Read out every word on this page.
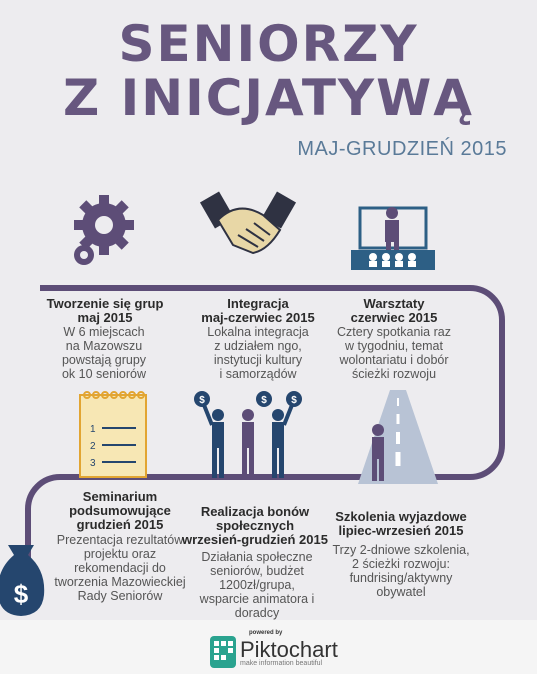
SENIORZY
Z INICJATYWĄ
MAJ-GRUDZIEŃ 2015
$
1
2
3
$	$ $
Tworzenie się grup
maj 2015
W 6 miejscach
na Mazowszu
powstają grupy
ok 10 seniorów
Integracja
maj-czerwiec 2015
Lokalna integracja
z udziałem ngo,
instytucji kultury
i samorządów
Warsztaty
czerwiec 2015
Cztery spotkania raz
w tygodniu, temat
wolontariatu i dobór
ścieżki rozwoju
Seminarium
podsumowujące
grudzień 2015
Prezentacja rezultatów
projektu oraz
rekomendacji do
tworzenia Mazowieckiej
Rady Seniorów
Realizacja bonów
społecznych
wrzesień-grudzień 2015
Działania społeczne
seniorów, budżet
1200zł/grupa,
wsparcie animatora i
doradcy
Szkolenia wyjazdowe
lipiec-wrzesień 2015
Trzy 2-dniowe szkolenia,
2 ścieżki rozwoju:
fundrising/aktywny
obywatel
powered by
Piktochart
make information beautiful
